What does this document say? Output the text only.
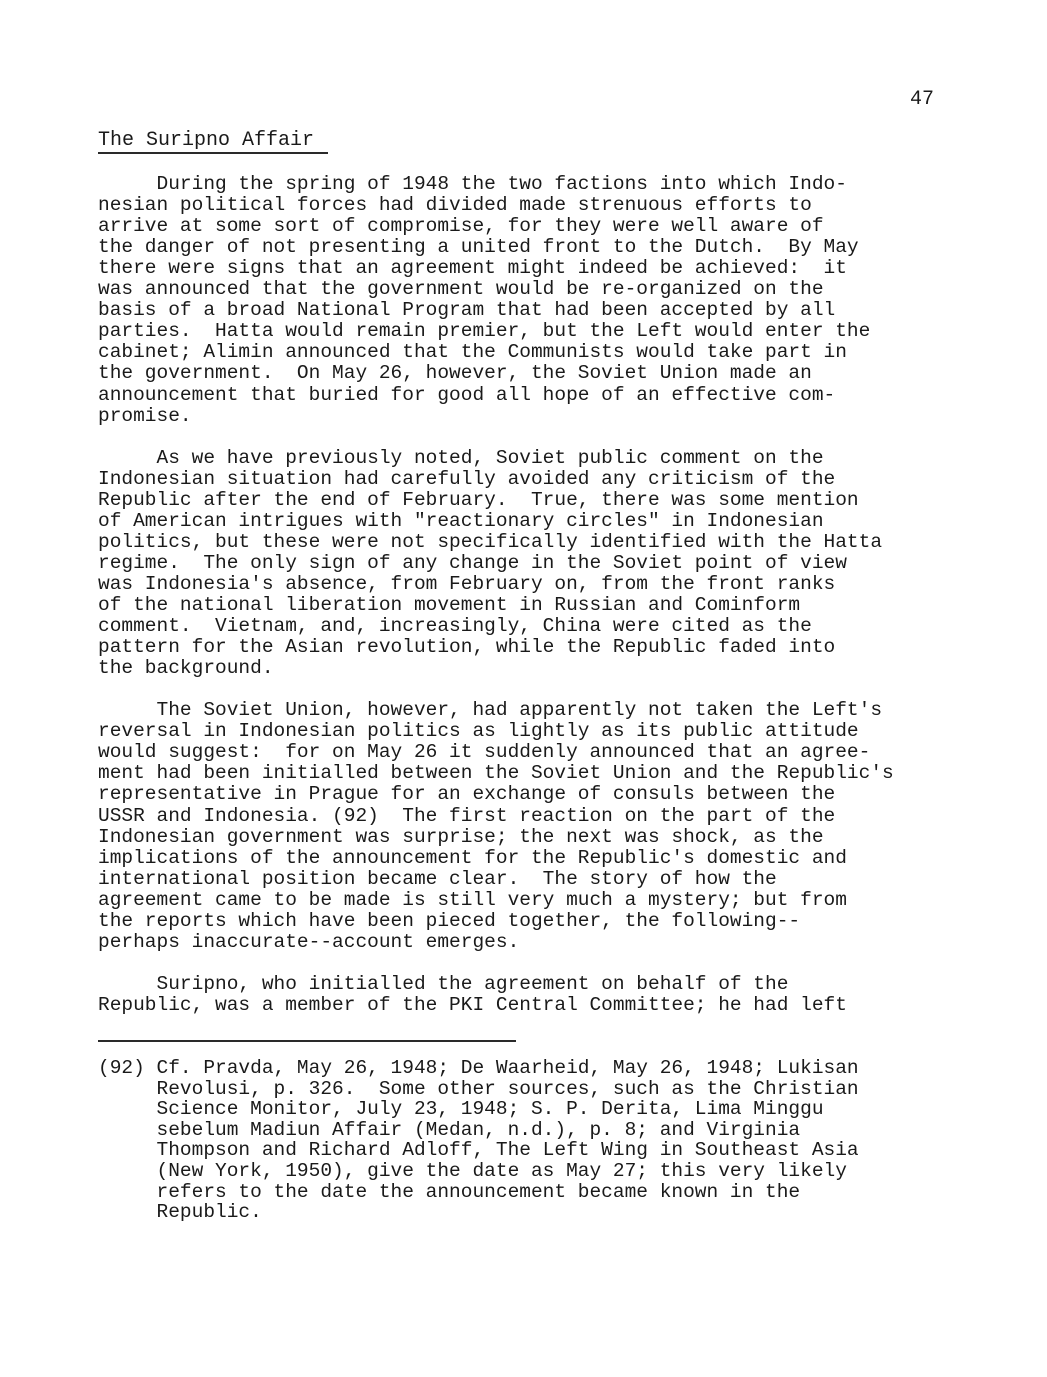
47
The Suripno Affair
During the spring of 1948 the two factions into which Indo-
nesian political forces had divided made strenuous efforts to
arrive at some sort of compromise, for they were well aware of
the danger of not presenting a united front to the Dutch.  By May
there were signs that an agreement might indeed be achieved:  it
was announced that the government would be re-organized on the
basis of a broad National Program that had been accepted by all
parties.  Hatta would remain premier, but the Left would enter the
cabinet; Alimin announced that the Communists would take part in
the government.  On May 26, however, the Soviet Union made an
announcement that buried for good all hope of an effective com-
promise.
As we have previously noted, Soviet public comment on the
Indonesian situation had carefully avoided any criticism of the
Republic after the end of February.  True, there was some mention
of American intrigues with "reactionary circles" in Indonesian
politics, but these were not specifically identified with the Hatta
regime.  The only sign of any change in the Soviet point of view
was Indonesia's absence, from February on, from the front ranks
of the national liberation movement in Russian and Cominform
comment.  Vietnam, and, increasingly, China were cited as the
pattern for the Asian revolution, while the Republic faded into
the background.
The Soviet Union, however, had apparently not taken the Left's
reversal in Indonesian politics as lightly as its public attitude
would suggest:  for on May 26 it suddenly announced that an agree-
ment had been initialled between the Soviet Union and the Republic's
representative in Prague for an exchange of consuls between the
USSR and Indonesia. (92)  The first reaction on the part of the
Indonesian government was surprise; the next was shock, as the
implications of the announcement for the Republic's domestic and
international position became clear.  The story of how the
agreement came to be made is still very much a mystery; but from
the reports which have been pieced together, the following--
perhaps inaccurate--account emerges.
Suripno, who initialled the agreement on behalf of the
Republic, was a member of the PKI Central Committee; he had left
(92) Cf. Pravda, May 26, 1948; De Waarheid, May 26, 1948; Lukisan
Revolusi, p. 326.  Some other sources, such as the Christian
Science Monitor, July 23, 1948; S. P. Derita, Lima Minggu
sebelum Madiun Affair (Medan, n.d.), p. 8; and Virginia
Thompson and Richard Adloff, The Left Wing in Southeast Asia
(New York, 1950), give the date as May 27; this very likely
refers to the date the announcement became known in the
Republic.
